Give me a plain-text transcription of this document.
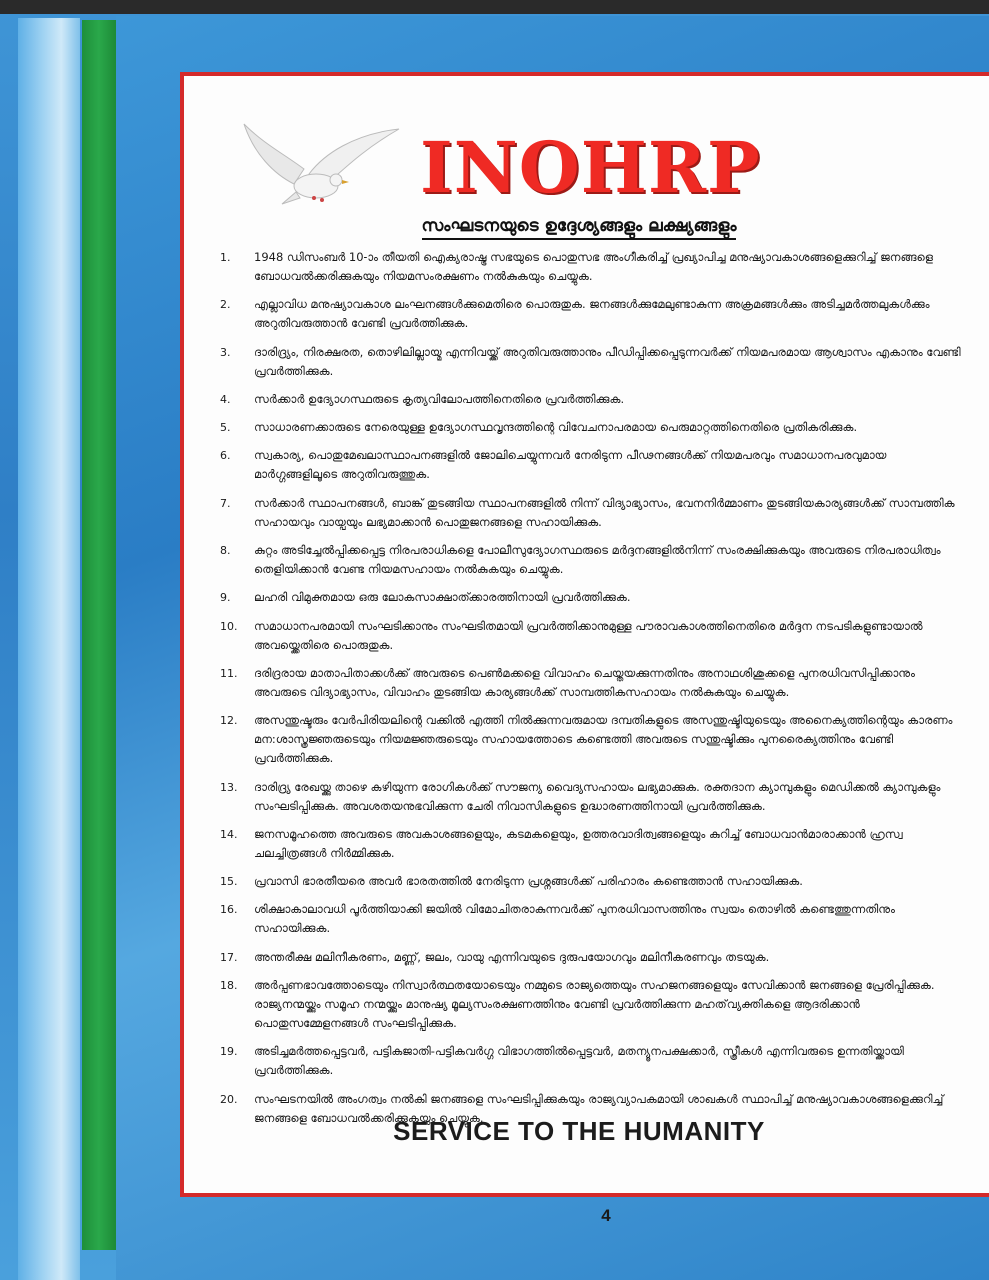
INOHRP
സംഘടനയുടെ ഉദ്ദേശ്യങ്ങളും ലക്ഷ്യങ്ങളും
1.	1948 ഡിസംബർ 10-ാം തീയതി ഐക്യരാഷ്ട്ര സഭയുടെ പൊതുസഭ അംഗീകരിച്ച് പ്രഖ്യാപിച്ച മനുഷ്യാവകാശങ്ങളെക്കുറിച്ച് ജനങ്ങളെ ബോധവൽക്കരിക്കുകയും നിയമസംരക്ഷണം നൽകുകയും ചെയ്യുക.
2.	എല്ലാവിധ മനുഷ്യാവകാശ ലംഘനങ്ങൾക്കുമെതിരെ പൊരുതുക. ജനങ്ങൾക്കുമേലുണ്ടാകുന്ന അക്രമങ്ങൾക്കും അടിച്ചമർത്തലുകൾക്കും അറുതിവരുത്താൻ വേണ്ടി പ്രവർത്തിക്കുക.
3.	ദാരിദ്ര്യം, നിരക്ഷരത, തൊഴിലില്ലായ്മ എന്നിവയ്ക്ക് അറുതിവരുത്താനും പീഡിപ്പിക്കപ്പെടുന്നവർക്ക് നിയമപരമായ ആശ്വാസം എകാനും വേണ്ടി പ്രവർത്തിക്കുക.
4.	സർക്കാർ ഉദ്യോഗസ്ഥരുടെ കൃത്യവിലോപത്തിനെതിരെ പ്രവർത്തിക്കുക.
5.	സാധാരണക്കാരുടെ നേരെയുള്ള ഉദ്യോഗസ്ഥവൃന്ദത്തിന്റെ വിവേചനാപരമായ പെരുമാറ്റത്തിനെതിരെ പ്രതികരിക്കുക.
6.	സ്വകാര്യ, പൊതുമേഖലാസ്ഥാപനങ്ങളിൽ ജോലിചെയ്യുന്നവർ നേരിടുന്ന പീഢനങ്ങൾക്ക് നിയമപരവും സമാധാനപരവുമായ മാർഗ്ഗങ്ങളിലൂടെ അറുതിവരുത്തുക.
7.	സർക്കാർ സ്ഥാപനങ്ങൾ, ബാങ്ക് തുടങ്ങിയ സ്ഥാപനങ്ങളിൽ നിന്ന് വിദ്യാഭ്യാസം, ഭവനനിർമ്മാണം തുടങ്ങിയകാര്യങ്ങൾക്ക് സാമ്പത്തിക സഹായവും വായ്പയും ലഭ്യമാക്കാൻ പൊതുജനങ്ങളെ സഹായിക്കുക.
8.	കുറ്റം അടിച്ചേൽപ്പിക്കപ്പെട്ട നിരപരാധികളെ പോലീസുദ്യോഗസ്ഥരുടെ മർദ്ദനങ്ങളിൽനിന്ന് സംരക്ഷിക്കുകയും അവരുടെ നിരപരാധിത്വം തെളിയിക്കാൻ വേണ്ട നിയമസഹായം നൽകുകയും ചെയ്യുക.
9.	ലഹരി വിമുക്തമായ ഒരു ലോകസാക്ഷാത്ക്കാരത്തിനായി പ്രവർത്തിക്കുക.
10.	സമാധാനപരമായി സംഘടിക്കാനും സംഘടിതമായി പ്രവർത്തിക്കാനുമുള്ള പൗരാവകാശത്തിനെതിരെ മർദ്ദന നടപടികളുണ്ടായാൽ അവയ്ക്കെതിരെ പൊരുതുക.
11.	ദരിദ്രരായ മാതാപിതാക്കൾക്ക് അവരുടെ പെൺമക്കളെ വിവാഹം ചെയ്തയക്കുന്നതിനും അനാഥശിശുക്കളെ പുനരധിവസിപ്പിക്കാനും അവരുടെ വിദ്യാഭ്യാസം, വിവാഹം തുടങ്ങിയ കാര്യങ്ങൾക്ക് സാമ്പത്തികസഹായം നൽകുകയും ചെയ്യുക.
12.	അസന്തുഷ്ടരും വേർപിരിയലിന്റെ വക്കിൽ എത്തി നിൽക്കുന്നവരുമായ ദമ്പതികളുടെ അസന്തുഷ്ടിയുടെയും അനൈക്യത്തിന്റെയും കാരണം മന:ശാസ്ത്രജ്ഞരുടെയും നിയമജ്ഞരുടെയും സഹായത്തോടെ കണ്ടെത്തി അവരുടെ സന്തുഷ്ടിക്കും പുനരൈക്യത്തിനും വേണ്ടി പ്രവർത്തിക്കുക.
13.	ദാരിദ്ര്യ രേഖയ്ക്കു താഴെ കഴിയുന്ന രോഗികൾക്ക് സൗജന്യ വൈദ്യസഹായം ലഭ്യമാക്കുക. രക്തദാന ക്യാമ്പുകളും മെഡിക്കൽ ക്യാമ്പുകളും സംഘടിപ്പിക്കുക. അവശതയനുഭവിക്കുന്ന ചേരി നിവാസികളുടെ ഉദ്ധാരണത്തിനായി പ്രവർത്തിക്കുക.
14.	ജനസമൂഹത്തെ അവരുടെ അവകാശങ്ങളെയും, കടമകളെയും, ഉത്തരവാദിത്വങ്ങളെയും കുറിച്ച് ബോധവാൻമാരാക്കാൻ ഹ്രസ്വ ചലച്ചിത്രങ്ങൾ നിർമ്മിക്കുക.
15.	പ്രവാസി ഭാരതീയരെ അവർ ഭാരതത്തിൽ നേരിടുന്ന പ്രശ്നങ്ങൾക്ക് പരിഹാരം കണ്ടെത്താൻ സഹായിക്കുക.
16.	ശിക്ഷാകാലാവധി പൂർത്തിയാക്കി ജയിൽ വിമോചിതരാകുന്നവർക്ക് പുനരധിവാസത്തിനും സ്വയം തൊഴിൽ കണ്ടെത്തുന്നതിനും സഹായിക്കുക.
17.	അന്തരീക്ഷ മലിനീകരണം, മണ്ണ്, ജലം, വായു എന്നിവയുടെ ദുരുപയോഗവും മലിനീകരണവും തടയുക.
18.	അർപ്പണഭാവത്തോടെയും നിസ്വാർത്ഥതയോടെയും നമ്മുടെ രാജ്യത്തെയും സഹജനങ്ങളെയും സേവിക്കാൻ ജനങ്ങളെ പ്രേരിപ്പിക്കുക. രാജ്യനന്മയ്ക്കും സമൂഹ നന്മയ്ക്കും മാനുഷ്യ മൂല്യസംരക്ഷണത്തിനും വേണ്ടി പ്രവർത്തിക്കുന്ന മഹത്‌വ്യക്തികളെ ആദരിക്കാൻ പൊതുസമ്മേളനങ്ങൾ സംഘടിപ്പിക്കുക.
19.	അടിച്ചമർത്തപ്പെട്ടവർ, പട്ടികജാതി-പട്ടികവർഗ്ഗ വിഭാഗത്തിൽപ്പെട്ടവർ, മതന്യൂനപക്ഷക്കാർ, സ്ത്രീകൾ എന്നിവരുടെ ഉന്നതിയ്ക്കായി പ്രവർത്തിക്കുക.
20.	സംഘടനയിൽ അംഗത്വം നൽകി ജനങ്ങളെ സംഘടിപ്പിക്കുകയും രാജ്യവ്യാപകമായി ശാഖകൾ സ്ഥാപിച്ച് മനുഷ്യാവകാശങ്ങളെക്കുറിച്ച് ജനങ്ങളെ ബോധവൽക്കരിക്കുകയും ചെയ്യുക.
SERVICE TO THE HUMANITY
4
